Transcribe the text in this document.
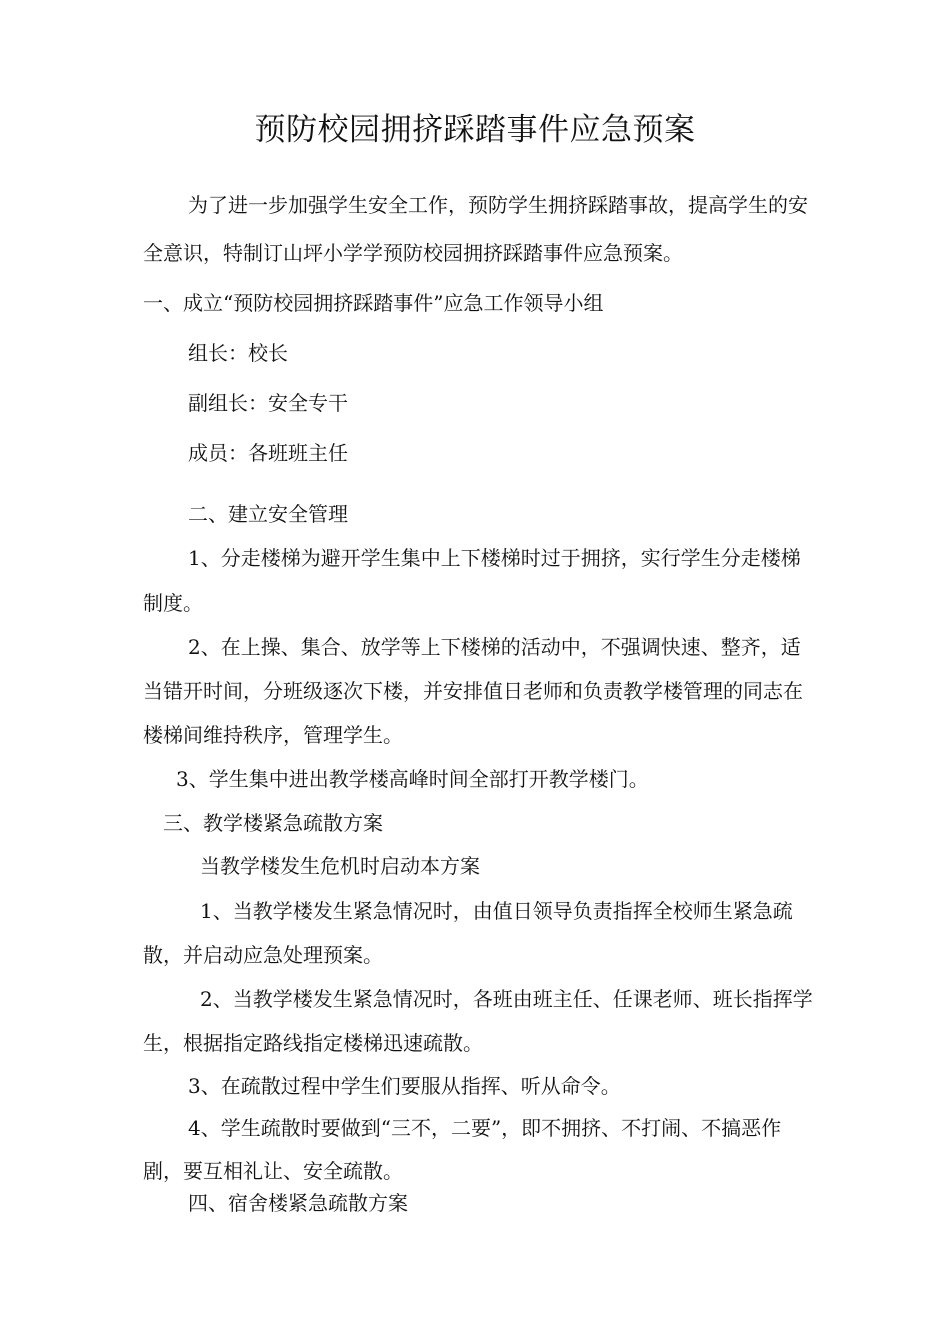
预防校园拥挤踩踏事件应急预案
为了进一步加强学生安全工作，预防学生拥挤踩踏事故，提高学生的安
全意识，特制订山坪小学学预防校园拥挤踩踏事件应急预案。
一、成立“预防校园拥挤踩踏事件”应急工作领导小组
组长：校长
副组长：安全专干
成员：各班班主任
二、建立安全管理
1、分走楼梯为避开学生集中上下楼梯时过于拥挤，实行学生分走楼梯
制度。
2、在上操、集合、放学等上下楼梯的活动中，不强调快速、整齐，适
当错开时间，分班级逐次下楼，并安排值日老师和负责教学楼管理的同志在
楼梯间维持秩序，管理学生。
3、学生集中进出教学楼高峰时间全部打开教学楼门。
三、教学楼紧急疏散方案
当教学楼发生危机时启动本方案
1、当教学楼发生紧急情况时，由值日领导负责指挥全校师生紧急疏
散，并启动应急处理预案。
2、当教学楼发生紧急情况时，各班由班主任、任课老师、班长指挥学
生，根据指定路线指定楼梯迅速疏散。
3、在疏散过程中学生们要服从指挥、听从命令。
4、学生疏散时要做到“三不，二要”，即不拥挤、不打闹、不搞恶作
剧，要互相礼让、安全疏散。
四、宿舍楼紧急疏散方案
